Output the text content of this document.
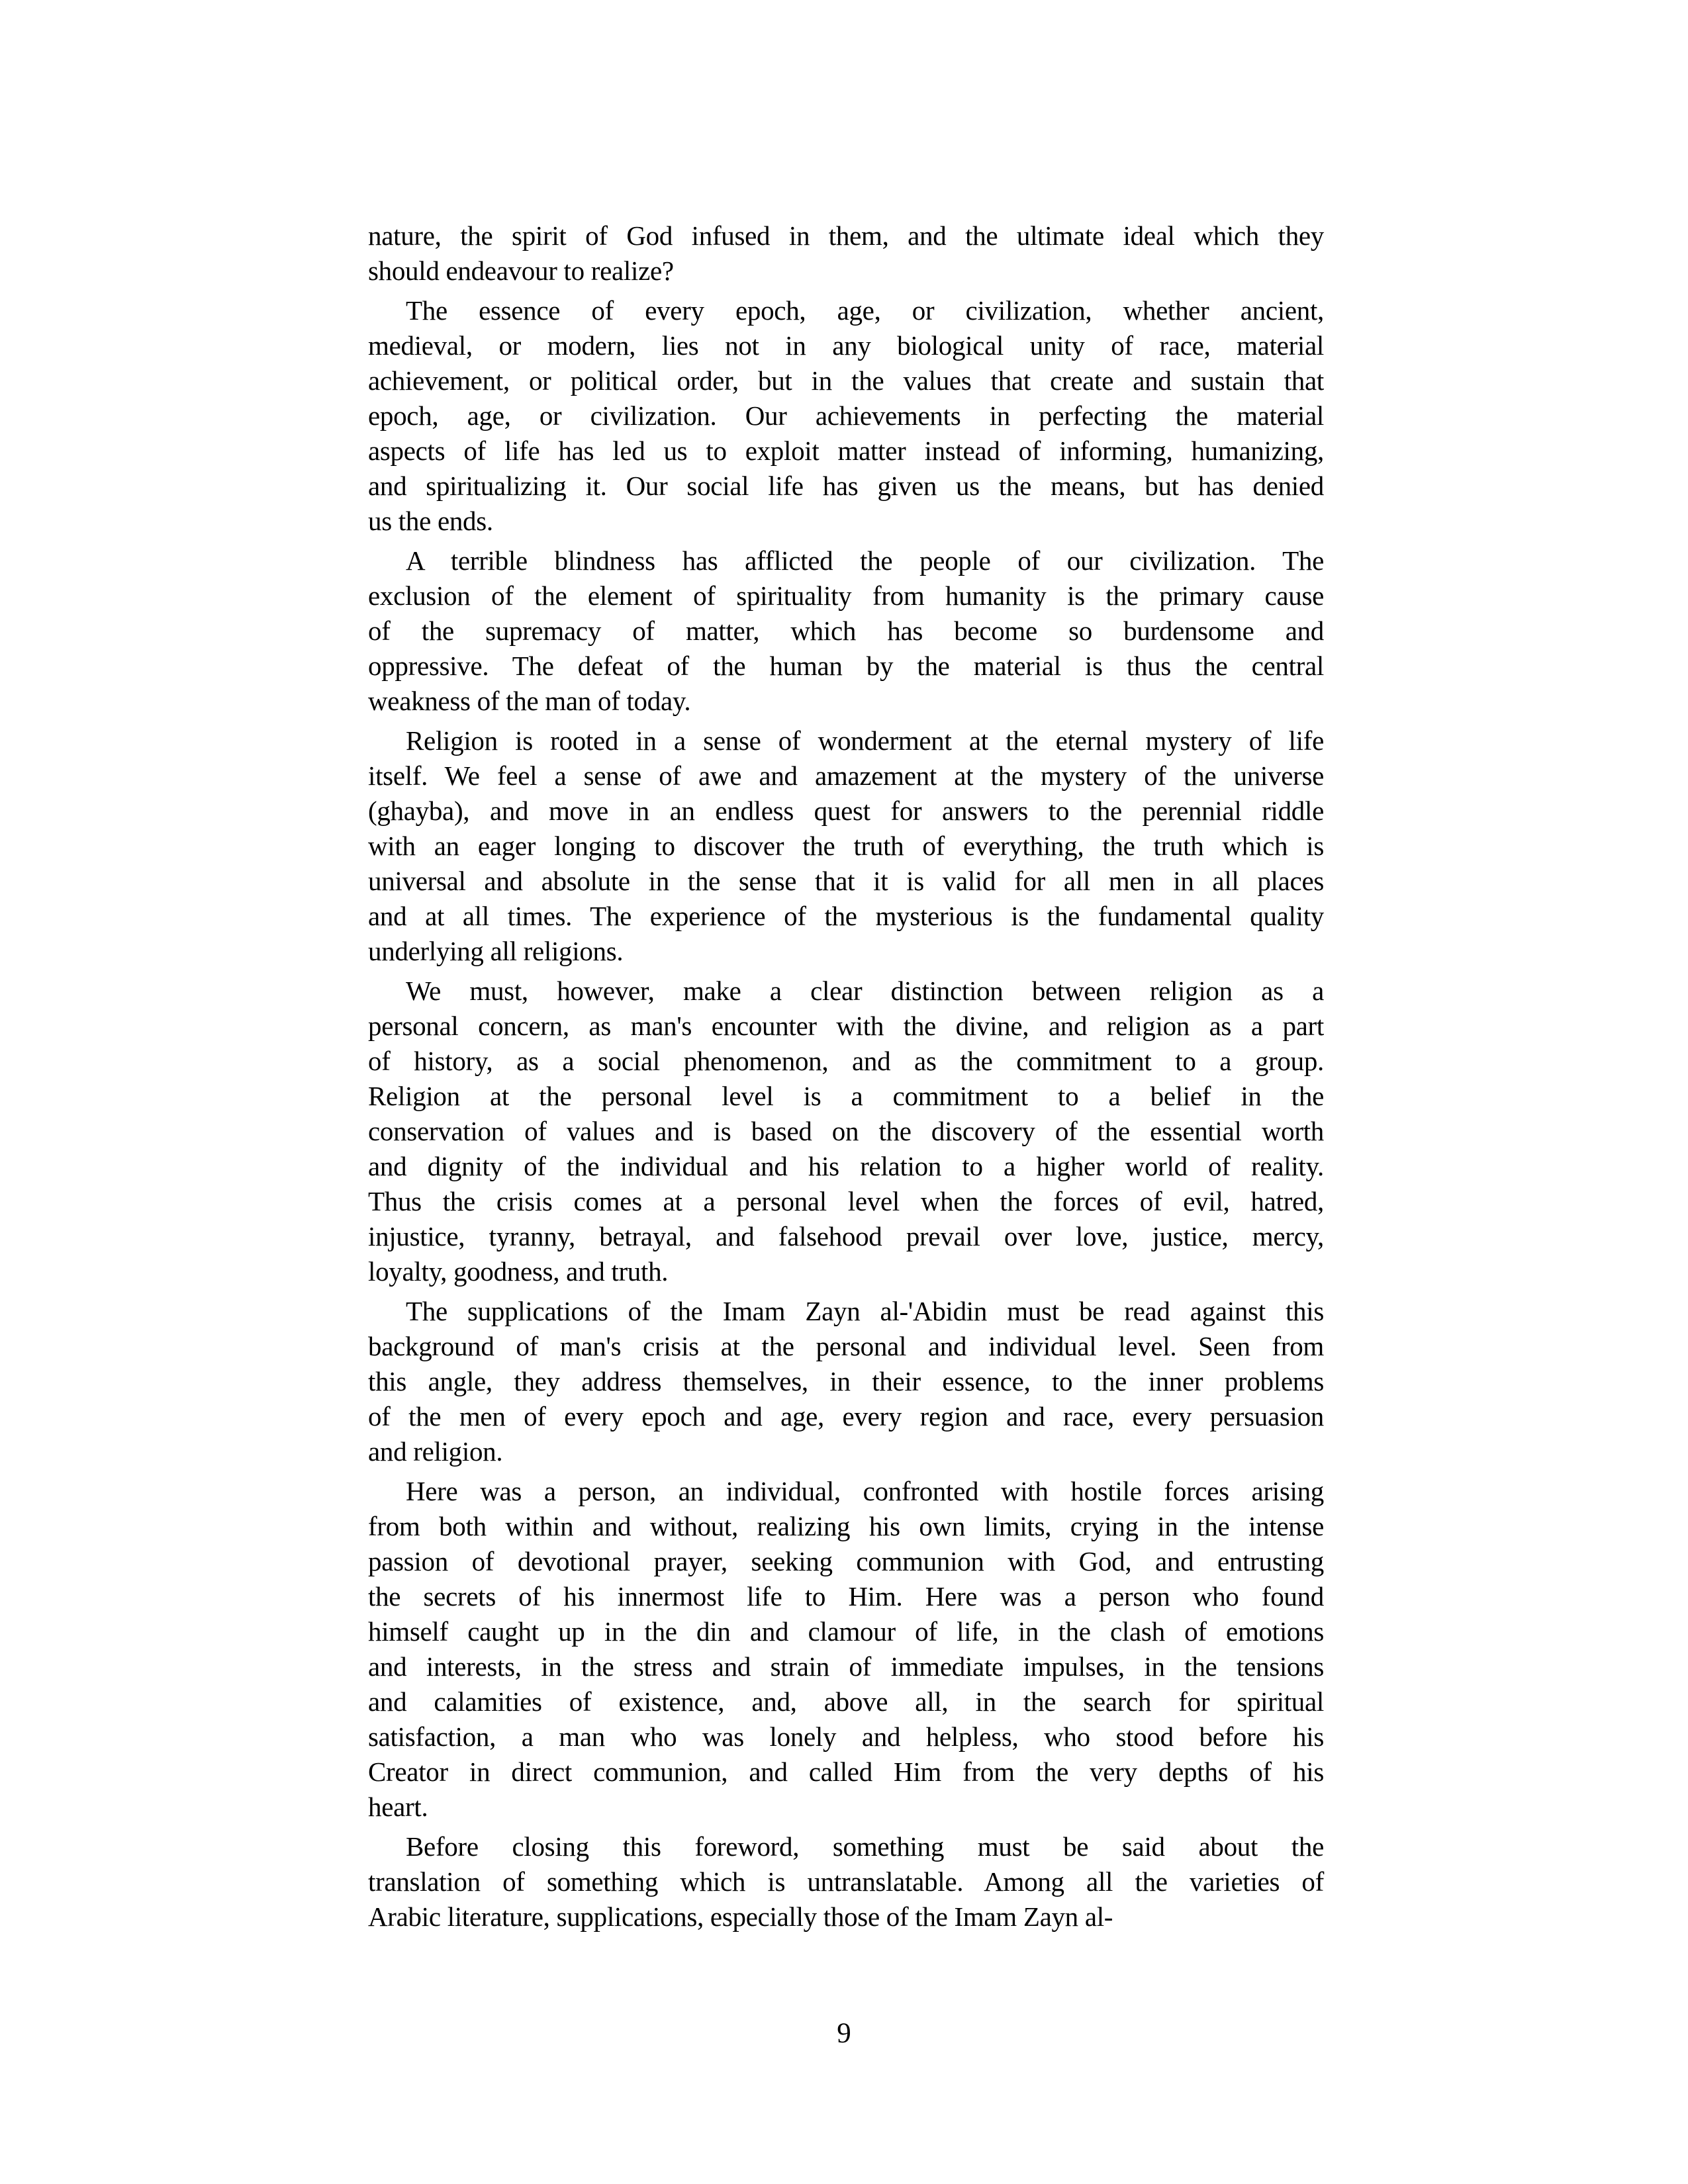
nature, the spirit of God infused in them, and the ultimate ideal which they
should endeavour to realize?

The essence of every epoch, age, or civilization, whether ancient,
medieval, or modern, lies not in any biological unity of race, material
achievement, or political order, but in the values that create and sustain that
epoch, age, or civilization. Our achievements in perfecting the material
aspects of life has led us to exploit matter instead of informing, humanizing,
and spiritualizing it. Our social life has given us the means, but has denied
us the ends.

A terrible blindness has afflicted the people of our civilization. The
exclusion of the element of spirituality from humanity is the primary cause
of the supremacy of matter, which has become so burdensome and
oppressive. The defeat of the human by the material is thus the central
weakness of the man of today.

Religion is rooted in a sense of wonderment at the eternal mystery of life
itself. We feel a sense of awe and amazement at the mystery of the universe
(ghayba), and move in an endless quest for answers to the perennial riddle
with an eager longing to discover the truth of everything, the truth which is
universal and absolute in the sense that it is valid for all men in all places
and at all times. The experience of the mysterious is the fundamental quality
underlying all religions.

We must, however, make a clear distinction between religion as a
personal concern, as man's encounter with the divine, and religion as a part
of history, as a social phenomenon, and as the commitment to a group.
Religion at the personal level is a commitment to a belief in the
conservation of values and is based on the discovery of the essential worth
and dignity of the individual and his relation to a higher world of reality.
Thus the crisis comes at a personal level when the forces of evil, hatred,
injustice, tyranny, betrayal, and falsehood prevail over love, justice, mercy,
loyalty, goodness, and truth.

The supplications of the Imam Zayn al-'Abidin must be read against this
background of man's crisis at the personal and individual level. Seen from
this angle, they address themselves, in their essence, to the inner problems
of the men of every epoch and age, every region and race, every persuasion
and religion.

Here was a person, an individual, confronted with hostile forces arising
from both within and without, realizing his own limits, crying in the intense
passion of devotional prayer, seeking communion with God, and entrusting
the secrets of his innermost life to Him. Here was a person who found
himself caught up in the din and clamour of life, in the clash of emotions
and interests, in the stress and strain of immediate impulses, in the tensions
and calamities of existence, and, above all, in the search for spiritual
satisfaction, a man who was lonely and helpless, who stood before his
Creator in direct communion, and called Him from the very depths of his
heart.

Before closing this foreword, something must be said about the
translation of something which is untranslatable. Among all the varieties of
Arabic literature, supplications, especially those of the Imam Zayn al-

9
